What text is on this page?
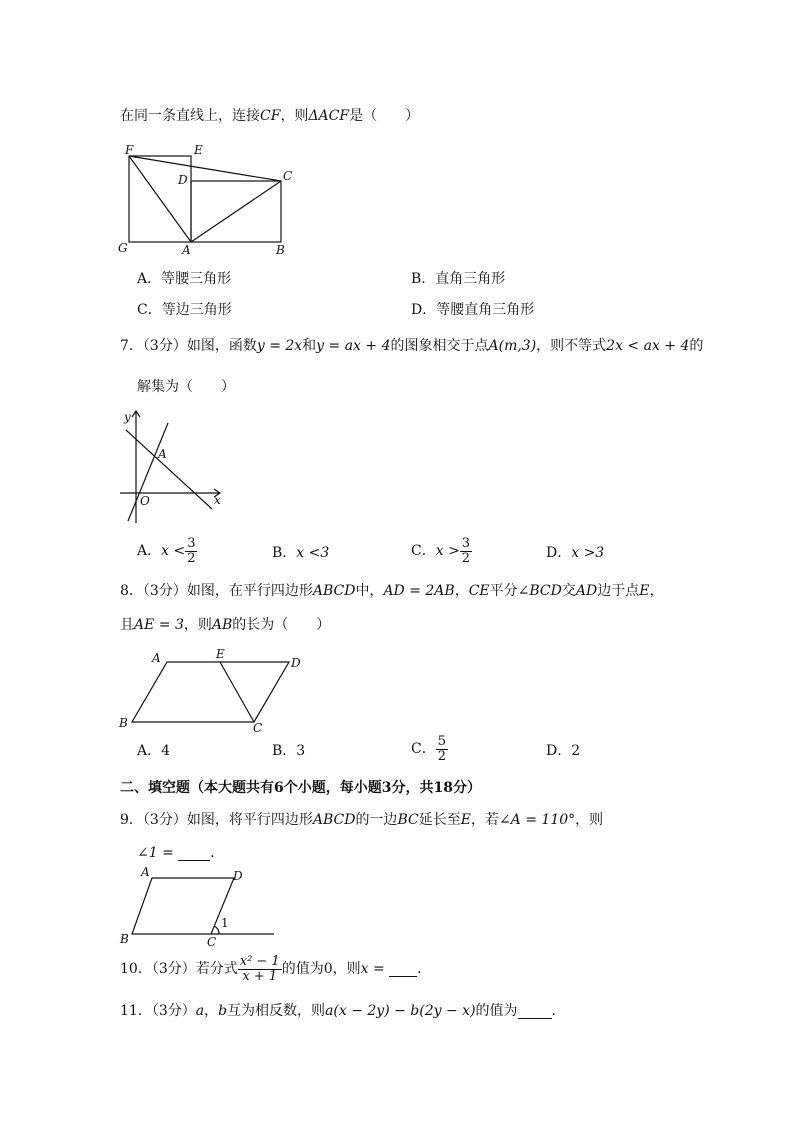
在同一条直线上，连接CF，则ΔACF是（　　）
F	E
D	C
G	A	B
A．等腰三角形	B．直角三角形
C．等边三角形	D．等腰直角三角形
7．（3分）如图，函数y = 2x和y = ax + 4的图象相交于点A(m,3)，则不等式2x < ax + 4的
解集为（　　）
y
x
A
O
A．$x < \frac{3}{2}$	B．x <3	C．$x > \frac{3}{2}$	D．x >3
8．（3分）如图，在平行四边形ABCD中，AD = 2AB，CE平分∠BCD交AD边于点E，
且AE = 3，则AB的长为（　　）
A	E
D
B	C
A．4	B．3	C． $\frac{5}{2}$	D．2
二、填空题（本大题共有6个小题，每小题3分，共18分）
9．（3分）如图，将平行四边形ABCD的一边BC延长至E，若∠A = 110°，则
∠1 =	．
A	D
B	C
1
10．（3分）若分式 $\frac{\text{x² − 1}}{x + 1}$ 的值为0，则x = ．
11．（3分）a，b互为相反数，则a(x − 2y) − b(2y − x)的值为 ．
